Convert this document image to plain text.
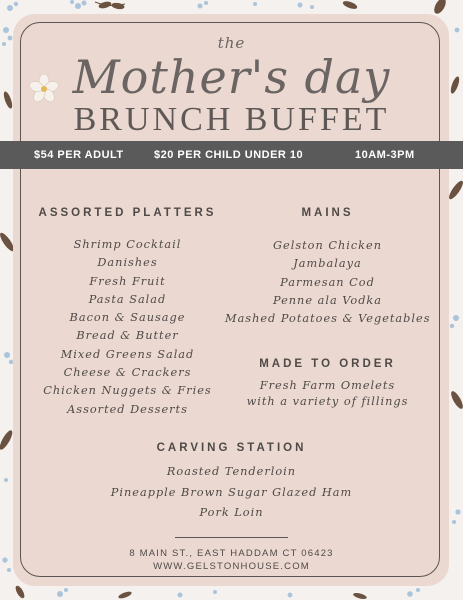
the
Mother's day
BRUNCH BUFFET
$54 PER ADULT	$20 PER CHILD UNDER 10	10AM-3PM
ASSORTED PLATTERS
Shrimp Cocktail
Danishes
Fresh Fruit
Pasta Salad
Bacon & Sausage
Bread & Butter
Mixed Greens Salad
Cheese & Crackers
Chicken Nuggets & Fries
Assorted Desserts
MAINS
Gelston Chicken
Jambalaya
Parmesan Cod
Penne ala Vodka
Mashed Potatoes & Vegetables
MADE TO ORDER
Fresh Farm Omelets
with a variety of fillings
CARVING STATION
Roasted Tenderloin
Pineapple Brown Sugar Glazed Ham
Pork Loin
8 MAIN ST., EAST HADDAM CT 06423
WWW.GELSTONHOUSE.COM
